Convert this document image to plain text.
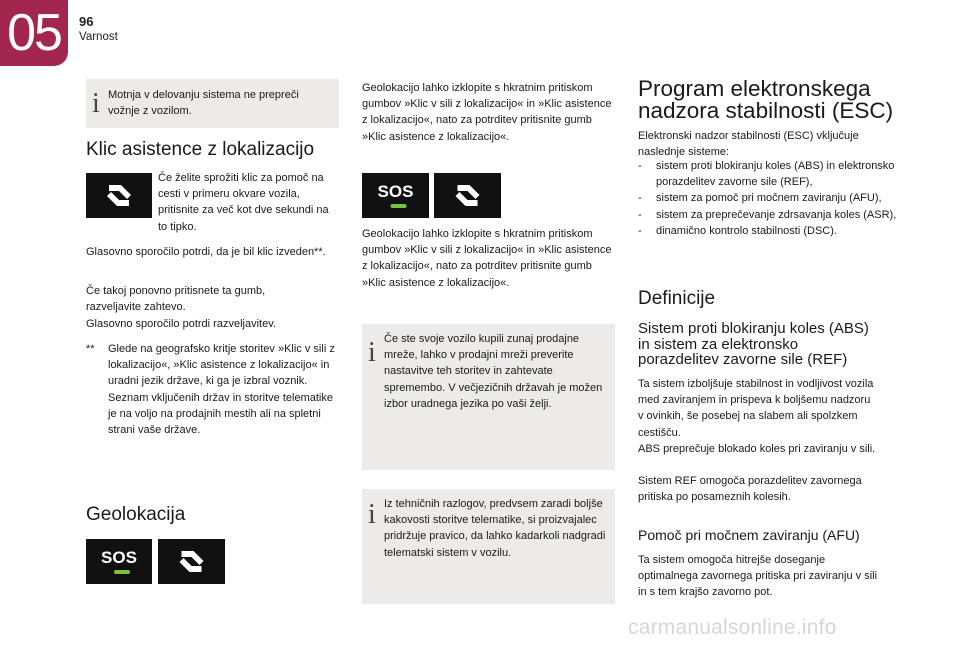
05	96
Varnost
i Motnja v delovanju sistema ne prepreči vožnje z vozilom.
Klic asistence z lokalizacijo
Če želite sprožiti klic za pomoč na cesti v primeru okvare vozila, pritisnite za več kot dve sekundi na to tipko.
Glasovno sporočilo potrdi, da je bil klic izveden**.
Če takoj ponovno pritisnete ta gumb, razveljavite zahtevo.
Glasovno sporočilo potrdi razveljavitev.
**	Glede na geografsko kritje storitev »Klic v sili z lokalizacijo«, »Klic asistence z lokalizacijo« in uradni jezik države, ki ga je izbral voznik.
Seznam vključenih držav in storitve telematike je na voljo na prodajnih mestih ali na spletni strani vaše države.
Geolokacija
SOS
Geolokacijo lahko izklopite s hkratnim pritiskom gumbov »Klic v sili z lokalizacijo« in »Klic asistence z lokalizacijo«, nato za potrditev pritisnite gumb »Klic asistence z lokalizacijo«.
SOS
Geolokacijo lahko izklopite s hkratnim pritiskom gumbov »Klic v sili z lokalizacijo« in »Klic asistence z lokalizacijo«, nato za potrditev pritisnite gumb »Klic asistence z lokalizacijo«.
i Če ste svoje vozilo kupili zunaj prodajne mreže, lahko v prodajni mreži preverite nastavitve teh storitev in zahtevate spremembo. V večjezičnih državah je možen izbor uradnega jezika po vaši želji.
i Iz tehničnih razlogov, predvsem zaradi boljše kakovosti storitve telematike, si proizvajalec pridržuje pravico, da lahko kadarkoli nadgradi telematski sistem v vozilu.
Program elektronskega
nadzora stabilnosti (ESC)
Elektronski nadzor stabilnosti (ESC) vključuje naslednje sisteme:
-	sistem proti blokiranju koles (ABS) in elektronsko porazdelitev zavorne sile (REF),
-	sistem za pomoč pri močnem zaviranju (AFU),
-	sistem za preprečevanje zdrsavanja koles (ASR),
-	dinamično kontrolo stabilnosti (DSC).
Definicije
Sistem proti blokiranju koles (ABS) in sistem za elektronsko porazdelitev zavorne sile (REF)
Ta sistem izboljšuje stabilnost in vodljivost vozila med zaviranjem in prispeva k boljšemu nadzoru v ovinkih, še posebej na slabem ali spolzkem cestišču.
ABS preprečuje blokado koles pri zaviranju v sili.
Sistem REF omogoča porazdelitev zavornega pritiska po posameznih kolesih.
Pomoč pri močnem zaviranju (AFU)
Ta sistem omogoča hitrejše doseganje optimalnega zavornega pritiska pri zaviranju v sili in s tem krajšo zavorno pot.
carmanualsonline.info
